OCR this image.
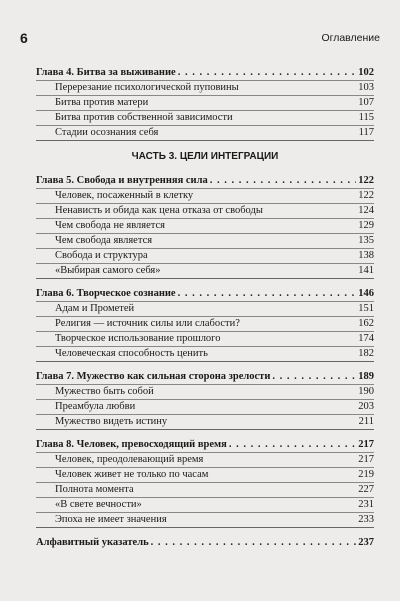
6	Оглавление
Глава 4. Битва за выживание . . .	102
Перерезание психологической пуповины	103
Битва против матери	107
Битва против собственной зависимости	115
Стадии осознания себя	117
ЧАСТЬ 3. ЦЕЛИ ИНТЕГРАЦИИ
Глава 5. Свобода и внутренняя сила . . .	122
Человек, посаженный в клетку	122
Ненависть и обида как цена отказа от свободы	124
Чем свобода не является	129
Чем свобода является	135
Свобода и структура	138
«Выбирая самого себя»	141
Глава 6. Творческое сознание . . .	146
Адам и Прометей	151
Религия — источник силы или слабости?	162
Творческое использование прошлого	174
Человеческая способность ценить	182
Глава 7. Мужество как сильная сторона зрелости . . .	189
Мужество быть собой	190
Преамбула любви	203
Мужество видеть истину	211
Глава 8. Человек, превосходящий время . . .	217
Человек, преодолевающий время	217
Человек живет не только по часам	219
Полнота момента	227
«В свете вечности»	231
Эпоха не имеет значения	233
Алфавитный указатель . . .	237
